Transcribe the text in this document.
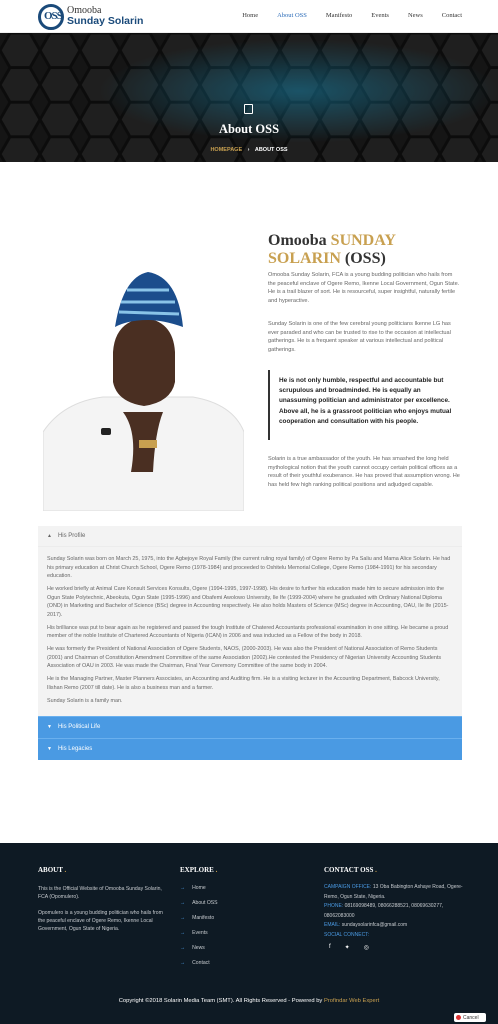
OSS Omooba
Sunday Solarin	Home	About OSS	Manifesto	Events	News	Contact
About OSS
HOMEPAGE › ABOUT OSS
Omooba SUNDAY
SOLARIN (OSS)

Omooba Sunday Solarin, FCA is a young budding politician who hails from the peaceful enclave of Ogere Remo, Ikenne Local Government, Ogun State. He is a trail blazer of sort. He is resourceful, super insightful, naturally fertile and hyperactive.

Sunday Solarin is one of the few cerebral young politicians Ikenne LG has ever paraded and who can be trusted to rise to the occasion at intellectual gatherings. He is a frequent speaker at various intellectual and political gatherings.

He is not only humble, respectful and accountable but scrupulous and broadminded. He is equally an unassuming politician and administrator per excellence. Above all, he is a grassroot politician who enjoys mutual cooperation and consultation with his people.

Solarin is a true ambassador of the youth. He has smashed the long held mythological notion that the youth cannot occupy certain political offices as a result of their youthful exuberance. He has proved that assumption wrong. He has held few high ranking political positions and adjudged capable.

▲ His Profile

Sunday Solarin was born on March 25, 1975, into the Agbejoye Royal Family (the current ruling royal family) of Ogere Remo by Pa Saliu and Mama Alice Solarin. He had his primary education at Christ Church School, Ogere Remo (1978-1984) and proceeded to Oshitelu Memorial College, Ogere Remo (1984-1991) for his secondary education.

He worked briefly at Animal Care Konsult Services Konsults, Ogere (1994-1995, 1997-1998). His desire to further his education made him to secure admission into the Ogun State Polytechnic, Abeokuta, Ogun State (1995-1996) and Obafemi Awolowo University, Ile Ife (1999-2004) where he graduated with Ordinary National Diploma (OND) in Marketing and Bachelor of Science (BSc) degree in Accounting respectively. He also holds Masters of Science (MSc) degree in Accounting, OAU, Ile Ife (2015-2017).

His brilliance was put to bear again as he registered and passed the tough Institute of Chatered Accountants professional examination in one sitting. He became a proud member of the noble Institute of Chartered Accountants of Nigeria (ICAN) in 2006 and was inducted as a Fellow of the body in 2018.

He was formerly the President of National Association of Ogere Students, NAOS, (2000-2003). He was also the President of National Association of Remo Students (2001) and Chairman of Constitution Amendment Committee of the same Association (2002).He contested the Presidency of Nigerian University Accounting Students Association of OAU in 2003. He was made the Chairman, Final Year Ceremony Committee of the same body in 2004.

He is the Managing Partner, Master Planners Associates, an Accounting and Auditing firm. He is a visiting lecturer in the Accounting Department, Babcock University, Ilishan Remo (2007 till date). He is also a business man and a farmer.

Sunday Solarin is a family man.

▼ His Political Life
▼ His Legacies
ABOUT .

This is the Official Website of Omooba Sunday Solarin, FCA (Opomulero).

Opomulero is a young budding politician who hails from the peaceful enclave of Ogere Remo, Ikenne Local Government, Ogun State of Nigeria.

EXPLORE .
→ Home
→ About OSS
→ Manifesto
→ Events
→ News
→ Contact
CONTACT OSS .
CAMPAIGN OFFICE: 13 Oba Babington Ashaye Road, Ogere-Remo, Ogun State, Nigeria.
PHONE: 08169098489, 08066288521, 08069630277, 08062083000
EMAIL: sundaysolarinfca@gmail.com
SOCIAL CONNECT:
f ✦ ◎
Copyright ©2018 Solarin Media Team (SMT). All Rights Reserved - Powered by Profindar Web Expert
Cancel
